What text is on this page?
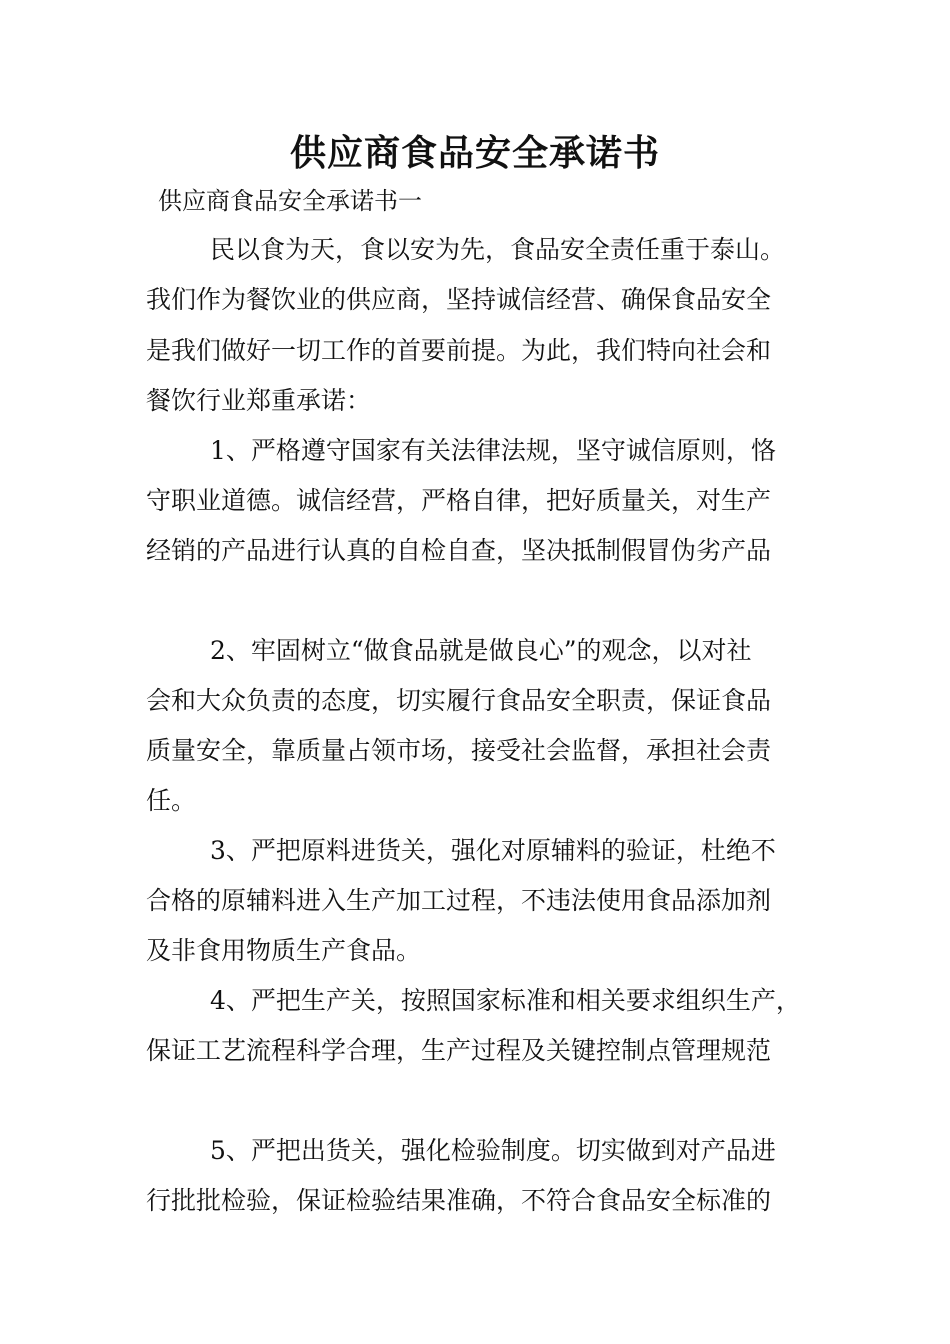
供应商食品安全承诺书

供应商食品安全承诺书一

民以食为天，食以安为先，食品安全责任重于泰山。

我们作为餐饮业的供应商，坚持诚信经营、确保食品安全

是我们做好一切工作的首要前提。为此，我们特向社会和

餐饮行业郑重承诺：

1、严格遵守国家有关法律法规，坚守诚信原则，恪

守职业道德。诚信经营，严格自律，把好质量关，对生产

经销的产品进行认真的自检自查，坚决抵制假冒伪劣产品

2、牢固树立“做食品就是做良心”的观念，以对社

会和大众负责的态度，切实履行食品安全职责，保证食品

质量安全，靠质量占领市场，接受社会监督，承担社会责

任。

3、严把原料进货关，强化对原辅料的验证，杜绝不

合格的原辅料进入生产加工过程，不违法使用食品添加剂

及非食用物质生产食品。

4、严把生产关，按照国家标准和相关要求组织生产，

保证工艺流程科学合理，生产过程及关键控制点管理规范

5、严把出货关，强化检验制度。切实做到对产品进

行批批检验，保证检验结果准确，不符合食品安全标准的
